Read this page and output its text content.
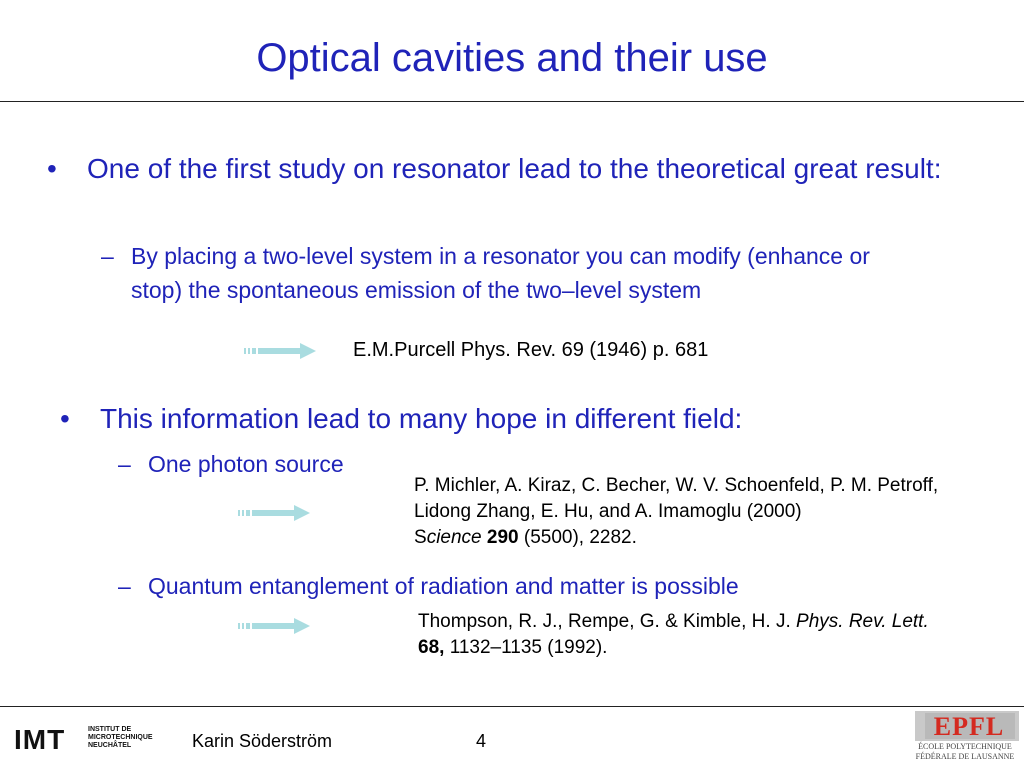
Optical cavities and their use
• One of the first study on resonator lead to the theoretical great result:
– By placing a two-level system in a resonator you can modify (enhance or stop) the spontaneous emission of the two–level system
E.M.Purcell Phys. Rev. 69 (1946) p. 681
• This information lead to many hope in different field:
– One photon source
P. Michler, A. Kiraz, C. Becher, W. V. Schoenfeld, P. M. Petroff, Lidong Zhang, E. Hu, and A. Imamoglu (2000)
Science 290 (5500), 2282.
– Quantum entanglement of radiation and matter is possible
Thompson, R. J., Rempe, G. & Kimble, H. J. Phys. Rev. Lett. 68, 1132–1135 (1992).
IMT	INSTITUT DE
MICROTECHNIQUE
NEUCHÂTEL	Karin Söderström	4	EPFL
ÉCOLE POLYTECHNIQUE
FÉDÉRALE DE LAUSANNE
